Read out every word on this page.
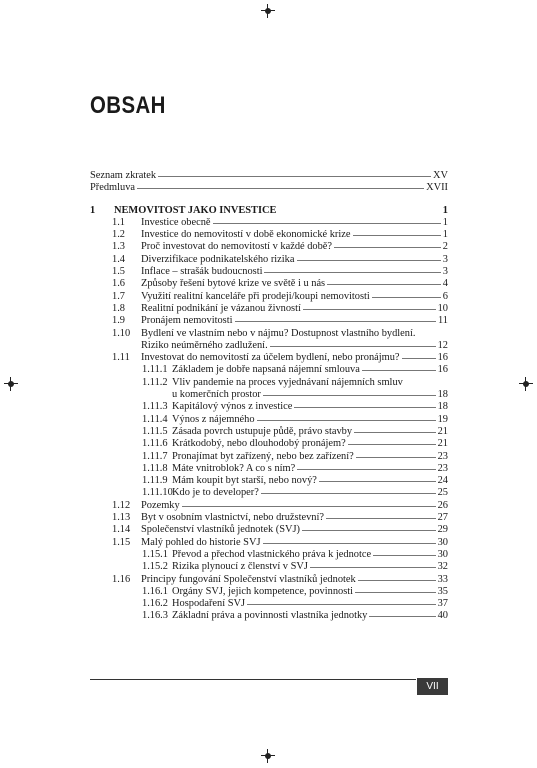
OBSAH
Seznam zkratek	XV
Předmluva	XVII
1	NEMOVITOST JAKO INVESTICE	1
1.1	Investice obecně	1
1.2	Investice do nemovitostí v době ekonomické krize	1
1.3	Proč investovat do nemovitostí v každé době?	2
1.4	Diverzifikace podnikatelského rizika	3
1.5	Inflace – strašák budoucnosti	3
1.6	Způsoby řešení bytové krize ve světě i u nás	4
1.7	Využití realitní kanceláře při prodeji/koupi nemovitosti	6
1.8	Realitní podnikání je vázanou živností	10
1.9	Pronájem nemovitosti	11
1.10	Bydlení ve vlastním nebo v nájmu? Dostupnost vlastního bydlení.
Riziko neúměrného zadlužení.	12
1.11	Investovat do nemovitostí za účelem bydlení, nebo pronájmu?	16
1.11.1 Základem je dobře napsaná nájemní smlouva	16
1.11.2 Vliv pandemie na proces vyjednávaní nájemních smluv
u komerčních prostor	18
1.11.3 Kapitálový výnos z investice	18
1.11.4 Výnos z nájemného	19
1.11.5 Zásada povrch ustupuje půdě, právo stavby	21
1.11.6 Krátkodobý, nebo dlouhodobý pronájem?	21
1.11.7 Pronajímat byt zařízený, nebo bez zařízení?	23
1.11.8 Máte vnitroblok? A co s ním?	23
1.11.9 Mám koupit byt starší, nebo nový?	24
1.11.10 Kdo je to developer?	25
1.12	Pozemky	26
1.13	Byt v osobním vlastnictví, nebo družstevní?	27
1.14	Společenství vlastníků jednotek (SVJ)	29
1.15	Malý pohled do historie SVJ	30
1.15.1 Převod a přechod vlastnického práva k jednotce	30
1.15.2 Rizika plynoucí z členství v SVJ	32
1.16	Principy fungování Společenství vlastníků jednotek	33
1.16.1 Orgány SVJ, jejich kompetence, povinnosti	35
1.16.2 Hospodaření SVJ	37
1.16.3 Základní práva a povinnosti vlastníka jednotky	40
VII
